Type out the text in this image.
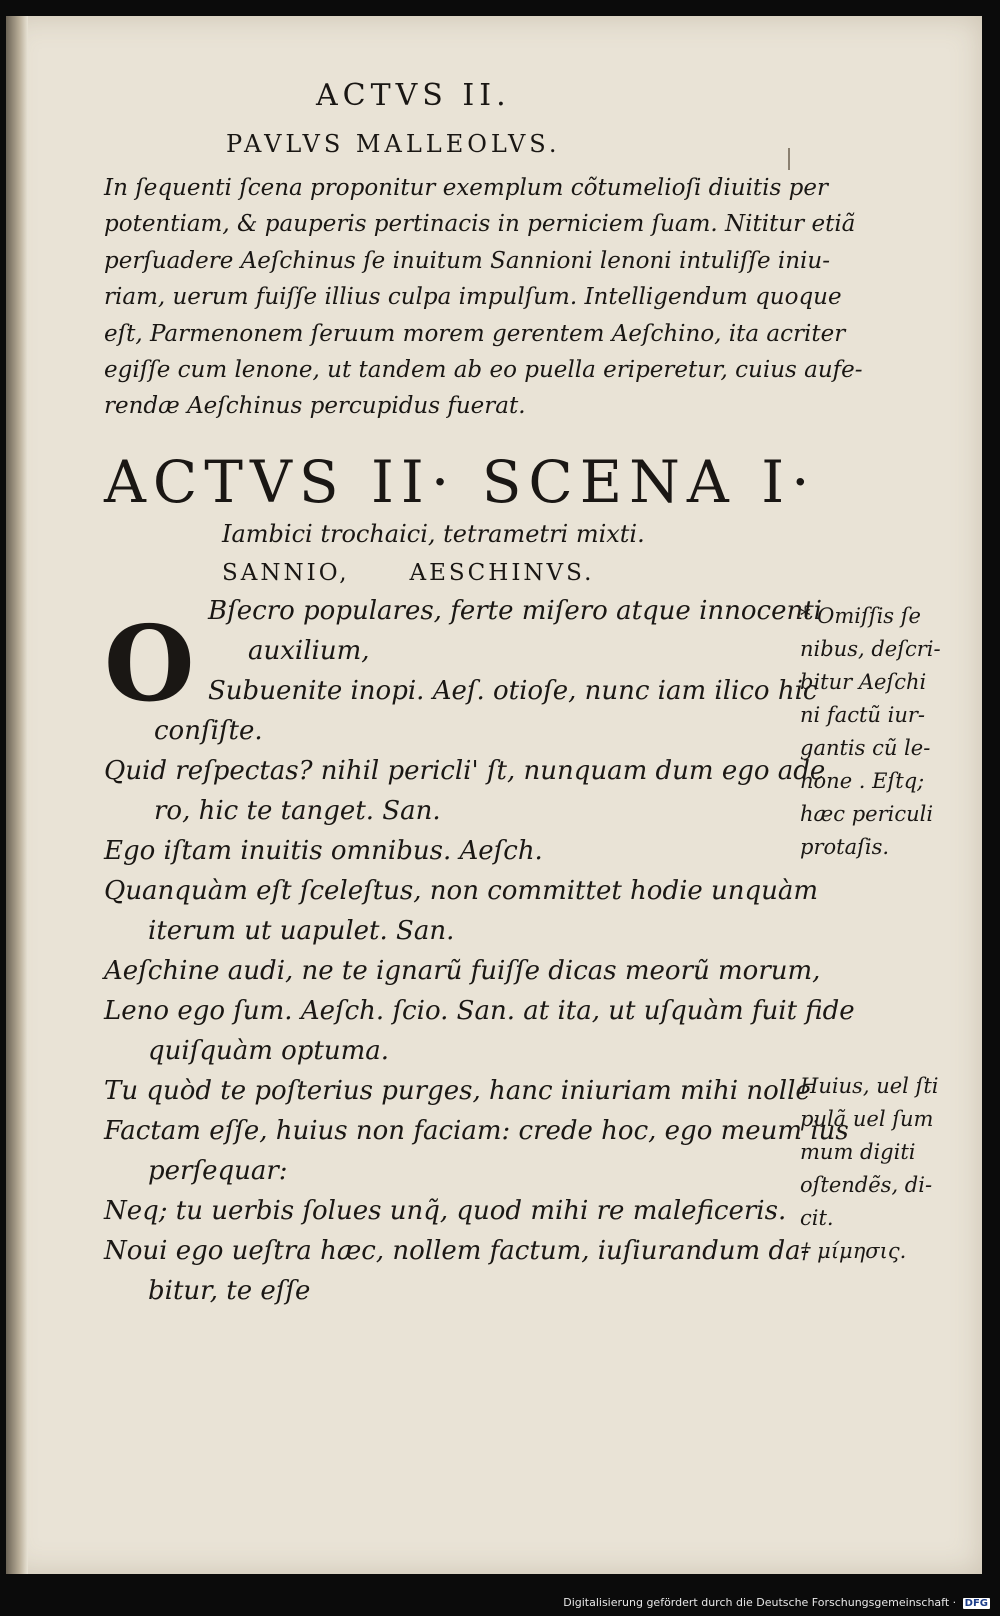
ACTVS II.
PAVLVS MALLEOLVS.
In ſequenti ſcena proponitur exemplum cõtumelioſi diuitis per
potentiam, & pauperis pertinacis in perniciem ſuam. Nititur etiã
perſuadere Aeſchinus ſe inuitum Sannioni lenoni intuliſſe iniu-
riam, uerum fuiſſe illius culpa impulſum. Intelligendum quoque
eſt, Parmenonem ſeruum morem gerentem Aeſchino, ita acriter
egiſſe cum lenone, ut tandem ab eo puella eriperetur, cuius aufe-
rendæ Aeſchinus percupidus fuerat.
ACTVS II· SCENA I·
Iambici trochaici, tetrametri mixti.
SANNIO,	AESCHINVS.
O Bſecro populares, ferte miſero atque innocenti
auxilium,
Subuenite inopi. Aeſ. otioſe, nunc iam ilico hic
conſiſte.
Quid reſpectas? nihil pericli' ſt, nunquam dum ego ade
ro, hic te tanget. San.
Ego iſtam inuitis omnibus. Aeſch.
Quanquàm eſt ſceleſtus, non committet hodie unquàm
iterum ut uapulet. San.
Aeſchine audi, ne te ignarũ fuiſſe dicas meorũ morum,
Leno ego ſum. Aeſch. ſcio. San. at ita, ut uſquàm fuit fide
quiſquàm optuma.
Tu quòd te poſterius purges, hanc iniuriam mihi nolle
Factam eſſe, huius non faciam: crede hoc, ego meum ius
perſequar:
Neq; tu uerbis ſolues unq̃, quod mihi re maleficeris.
Noui ego ueſtra hæc, nollem factum, iuſiurandum da-
bitur, te eſſe
* Omiſſis ſe
nibus, deſcri-
bitur Aeſchi
ni factũ iur-
gantis cũ le-
none . Eſtq;
hæc periculi
protaſis.
Huius, uel ſti
pulã uel ſum
mum digiti
oſtendẽs, di-
cit.
† μίμησις.
Digitalisierung gefördert durch die Deutsche Forschungsgemeinschaft · DFG
